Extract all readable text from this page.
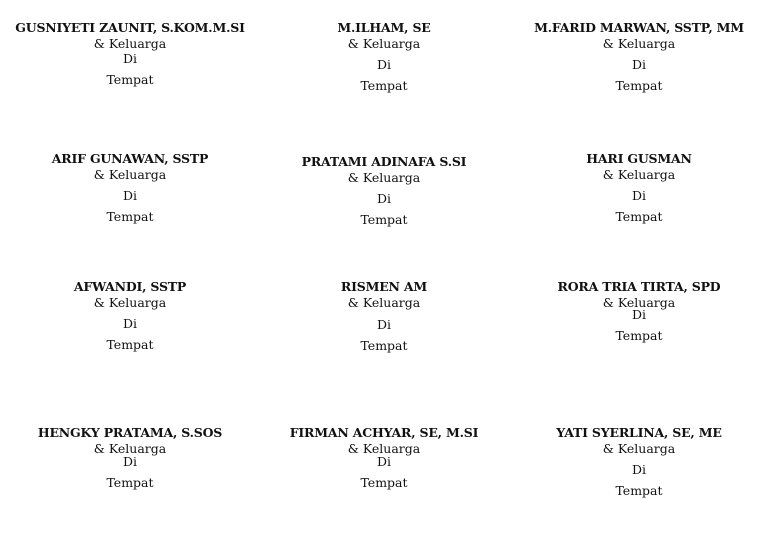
GUSNIYETI ZAUNIT, S.KOM.M.SI
& Keluarga
Di
Tempat
M.ILHAM, SE
& Keluarga
Di
Tempat
M.FARID MARWAN, SSTP, MM
& Keluarga
Di
Tempat
ARIF GUNAWAN, SSTP
& Keluarga
Di
Tempat
PRATAMI ADINAFA S.SI
& Keluarga
Di
Tempat
HARI GUSMAN
& Keluarga
Di
Tempat
AFWANDI, SSTP
& Keluarga
Di
Tempat
RISMEN AM
& Keluarga
Di
Tempat
RORA TRIA TIRTA, SPD
& Keluarga
Di
Tempat
HENGKY PRATAMA, S.SOS
& Keluarga
Di
Tempat
FIRMAN ACHYAR, SE, M.SI
& Keluarga
Di
Tempat
YATI SYERLINA, SE, ME
& Keluarga
Di
Tempat
